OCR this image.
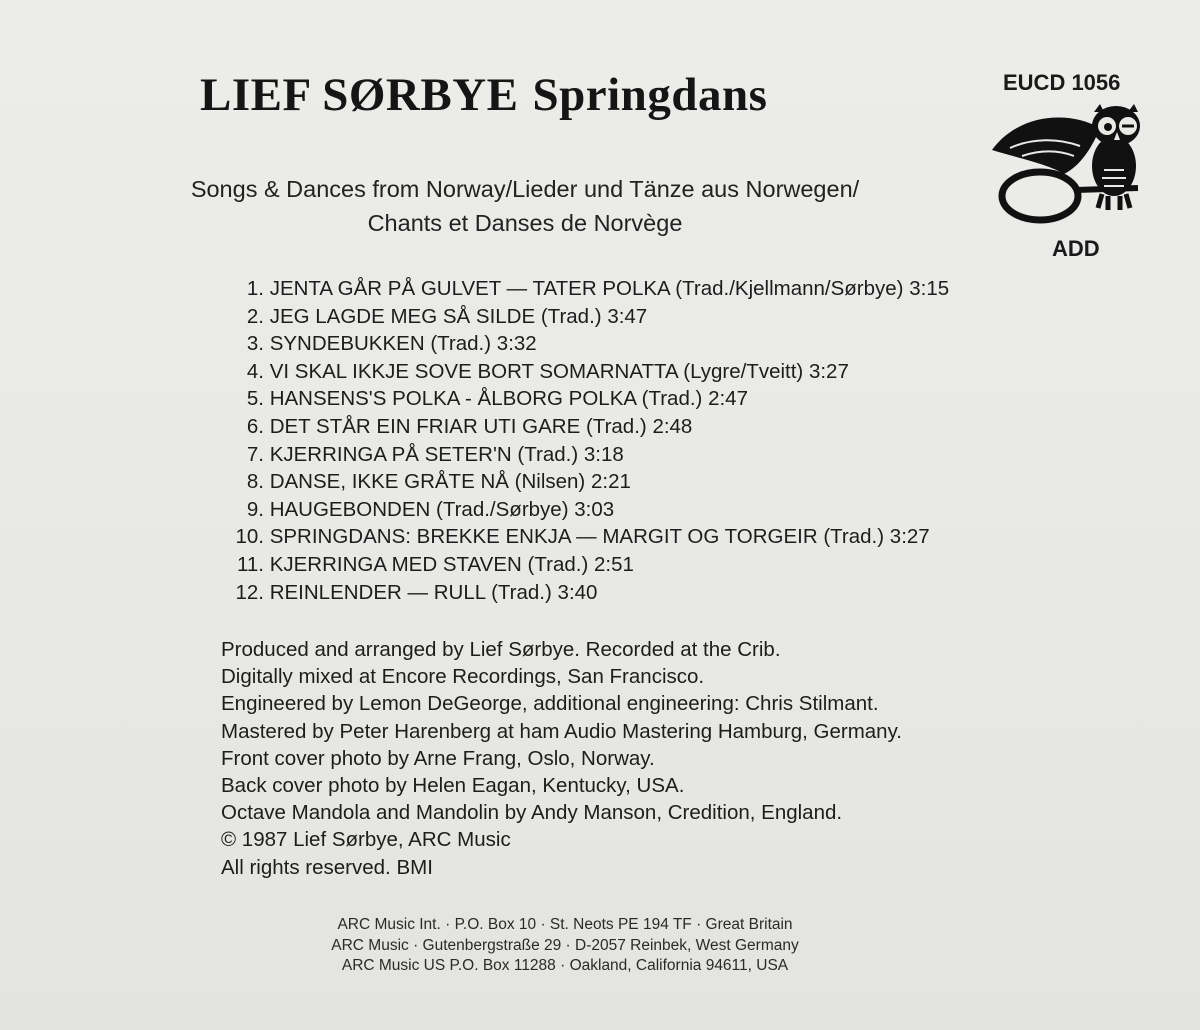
LIEF SØRBYE Springdans	EUCD 1056
ADD
Songs & Dances from Norway/Lieder und Tänze aus Norwegen/
Chants et Danses de Norvège
1. JENTA GÅR PÅ GULVET — TATER POLKA (Trad./Kjellmann/Sørbye) 3:15
2. JEG LAGDE MEG SÅ SILDE (Trad.) 3:47
3. SYNDEBUKKEN (Trad.) 3:32
4. VI SKAL IKKJE SOVE BORT SOMARNATTA (Lygre/Tveitt) 3:27
5. HANSENS'S POLKA - ÅLBORG POLKA (Trad.) 2:47
6. DET STÅR EIN FRIAR UTI GARE (Trad.) 2:48
7. KJERRINGA PÅ SETER'N (Trad.) 3:18
8. DANSE, IKKE GRÅTE NÅ (Nilsen) 2:21
9. HAUGEBONDEN (Trad./Sørbye) 3:03
10. SPRINGDANS: BREKKE ENKJA — MARGIT OG TORGEIR (Trad.) 3:27
11. KJERRINGA MED STAVEN (Trad.) 2:51
12. REINLENDER — RULL (Trad.) 3:40
Produced and arranged by Lief Sørbye. Recorded at the Crib.
Digitally mixed at Encore Recordings, San Francisco.
Engineered by Lemon DeGeorge, additional engineering: Chris Stilmant.
Mastered by Peter Harenberg at ham Audio Mastering Hamburg, Germany.
Front cover photo by Arne Frang, Oslo, Norway.
Back cover photo by Helen Eagan, Kentucky, USA.
Octave Mandola and Mandolin by Andy Manson, Credition, England.
© 1987 Lief Sørbye, ARC Music
All rights reserved. BMI
ARC Music Int. · P.O. Box 10 · St. Neots PE 194 TF · Great Britain
ARC Music · Gutenbergstraße 29 · D-2057 Reinbek, West Germany
ARC Music US P.O. Box 11288 · Oakland, California 94611, USA
